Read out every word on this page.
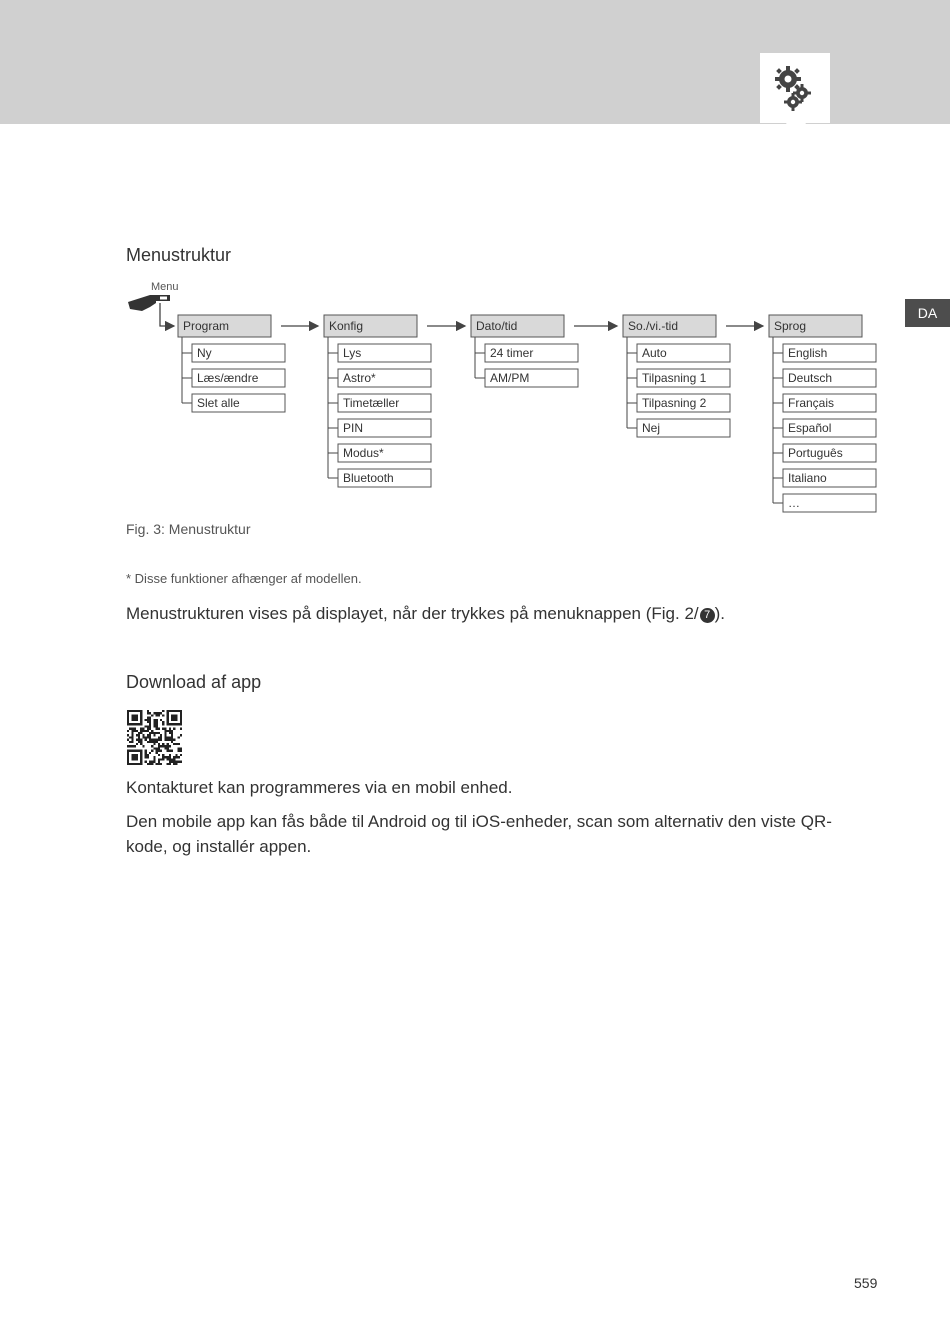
DA
Menustruktur
Menu
Program
Ny
Læs/ændre
Slet alle
Konfig
Lys
Astro*
Timetæller
PIN
Modus*
Bluetooth
Dato/tid
24 timer
AM/PM
So./vi.-tid
Auto
Tilpasning 1
Tilpasning 2
Nej
Sprog
English
Deutsch
Français
Español
Português
Italiano
…
Fig. 3: Menustruktur
* Disse funktioner afhænger af modellen.

Menustrukturen vises på displayet, når der trykkes på menuknappen (Fig. 2/ 7 ).

Download af app

Kontakturet kan programmeres via en mobil enhed.

Den mobile app kan fås både til Android og til iOS-enheder, scan som alternativ den viste QR-kode, og installér appen.

559
